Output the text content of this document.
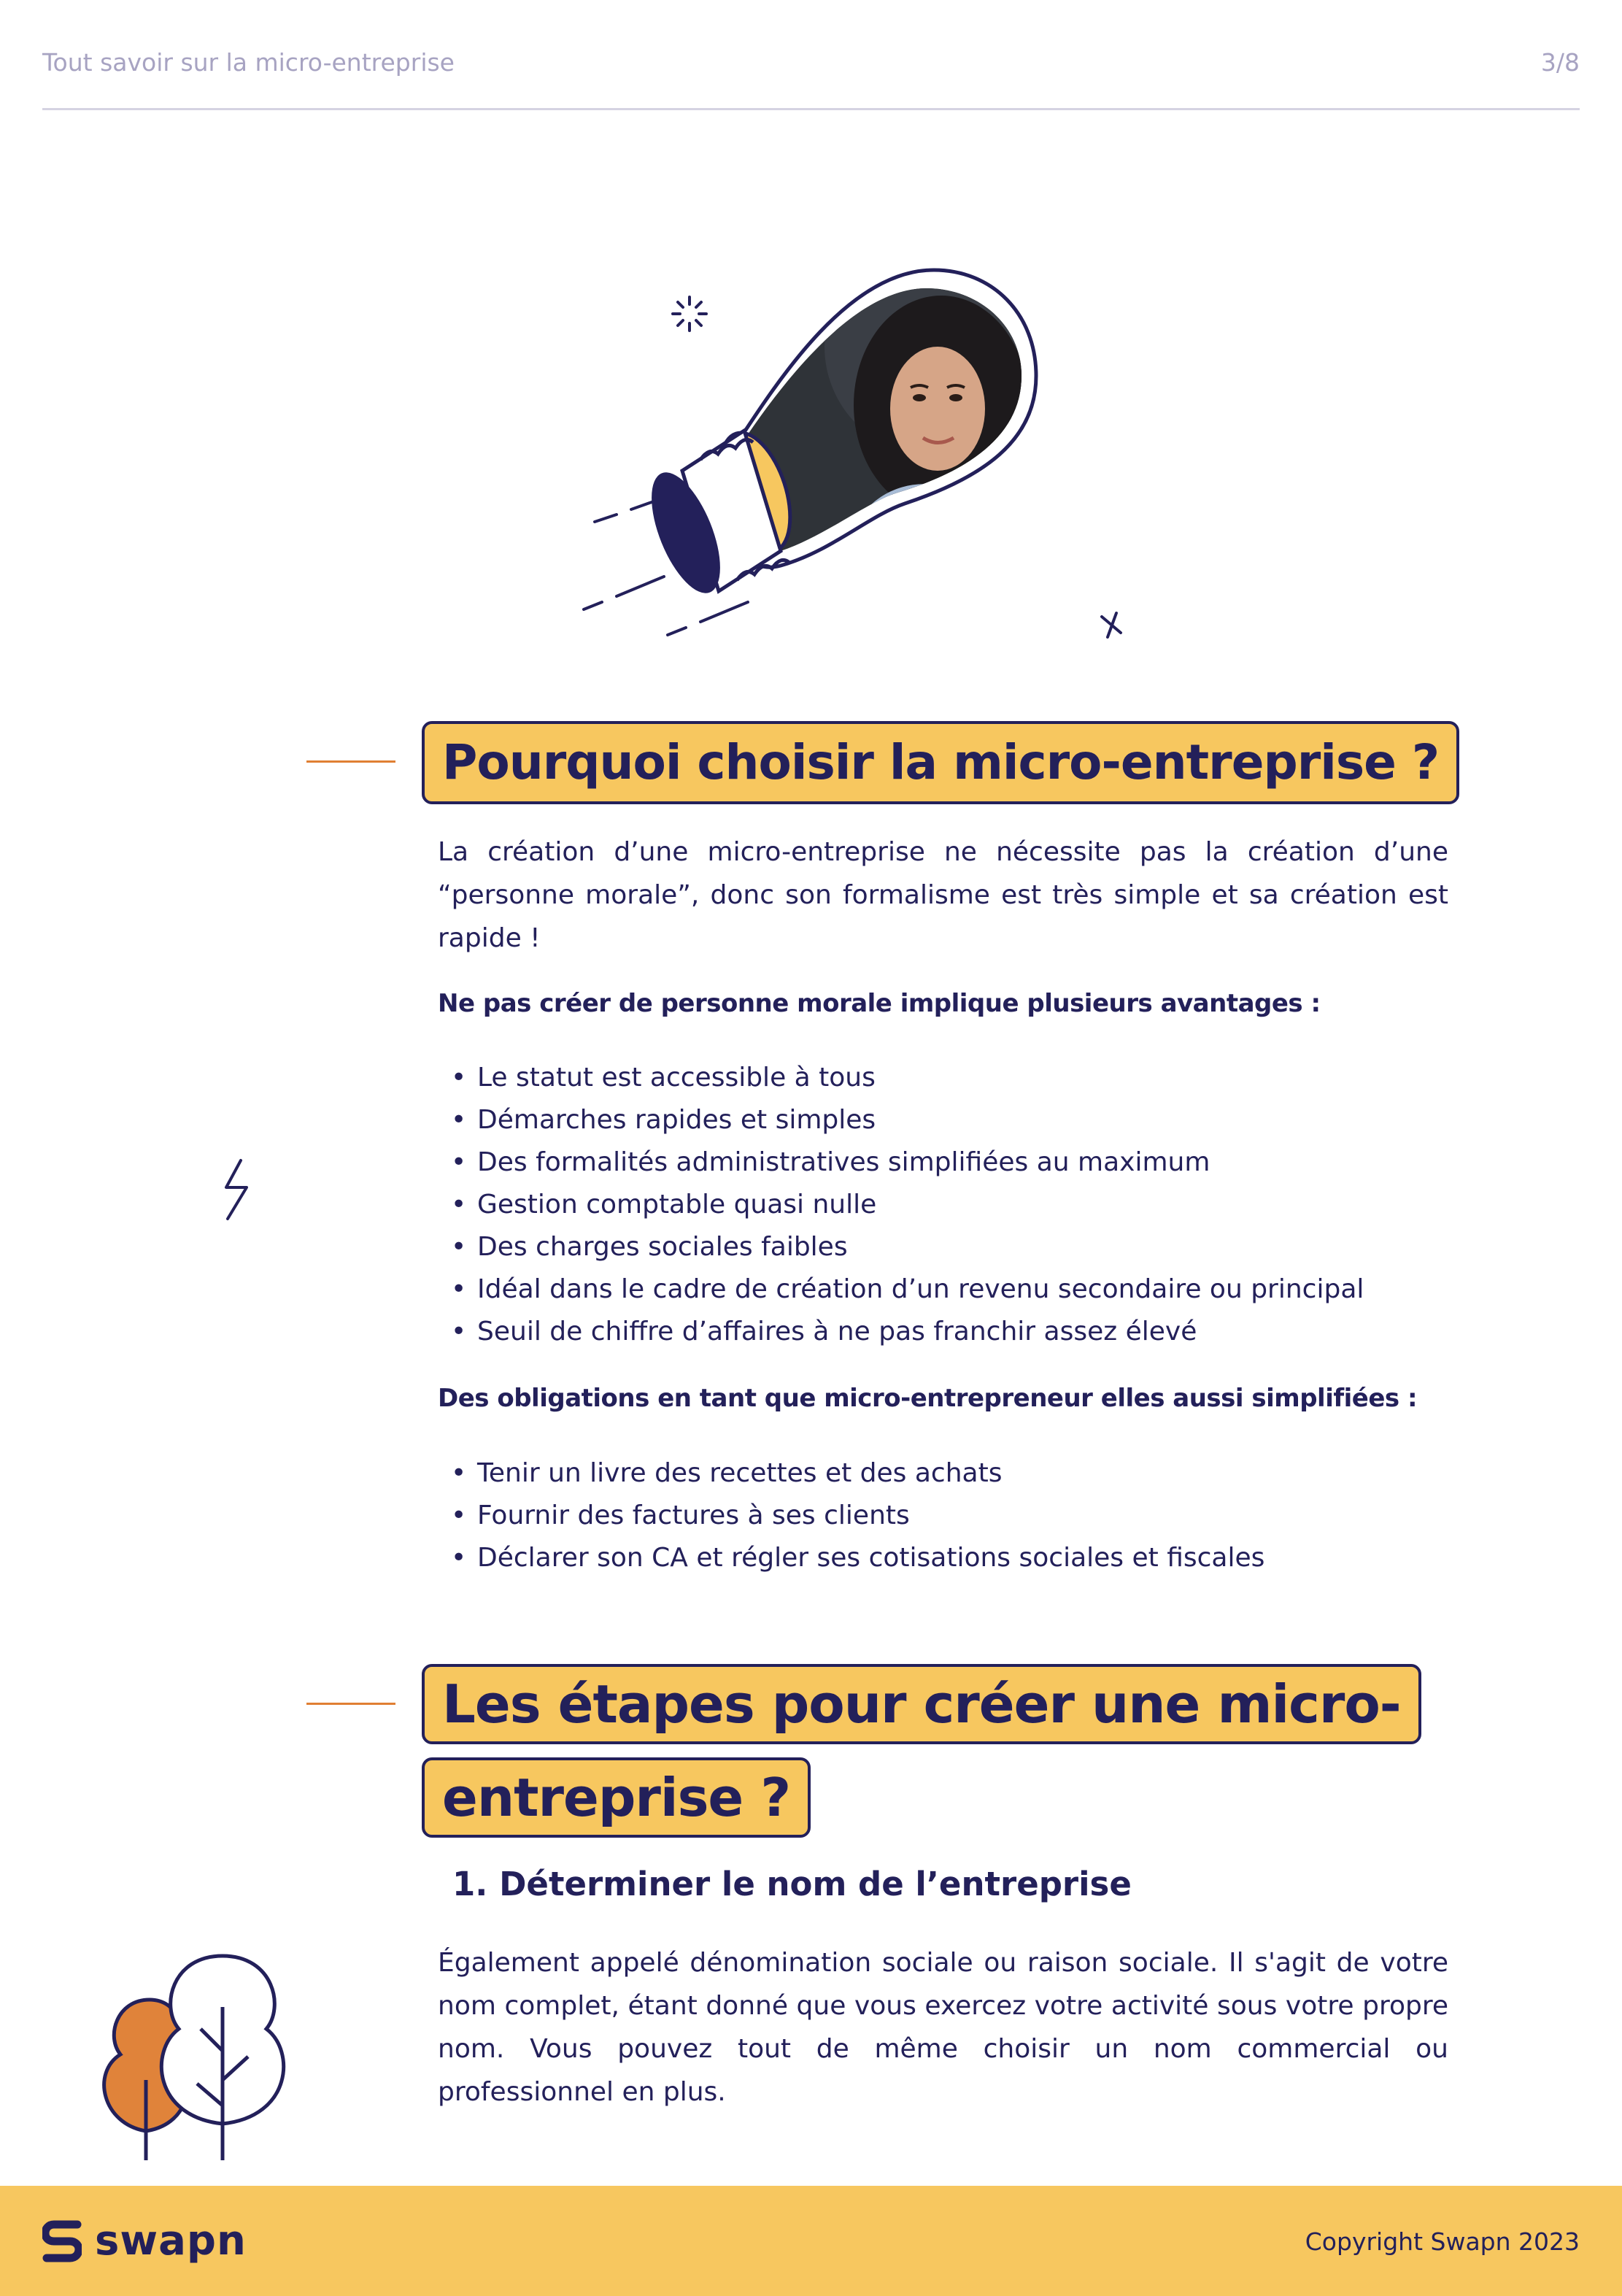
Tout savoir sur la micro-entreprise	3/8
Pourquoi choisir la micro-entreprise ?
La création d’une micro-entreprise ne nécessite pas la création d’une “personne morale”, donc son formalisme est très simple et sa création est rapide !
Ne pas créer de personne morale implique plusieurs avantages :
• Le statut est accessible à tous
• Démarches rapides et simples
• Des formalités administratives simplifiées au maximum
• Gestion comptable quasi nulle
• Des charges sociales faibles
• Idéal dans le cadre de création d’un revenu secondaire ou principal
• Seuil de chiffre d’affaires à ne pas franchir assez élevé
Des obligations en tant que micro-entrepreneur elles aussi simplifiées :
• Tenir un livre des recettes et des achats
• Fournir des factures à ses clients
• Déclarer son CA et régler ses cotisations sociales et fiscales
Les étapes pour créer une micro-
entreprise ?
1. Déterminer le nom de l’entreprise
Également appelé dénomination sociale ou raison sociale. Il s'agit de votre nom complet, étant donné que vous exercez votre activité sous votre propre nom. Vous pouvez tout de même choisir un nom commercial ou professionnel en plus.
swapn	Copyright Swapn 2023
